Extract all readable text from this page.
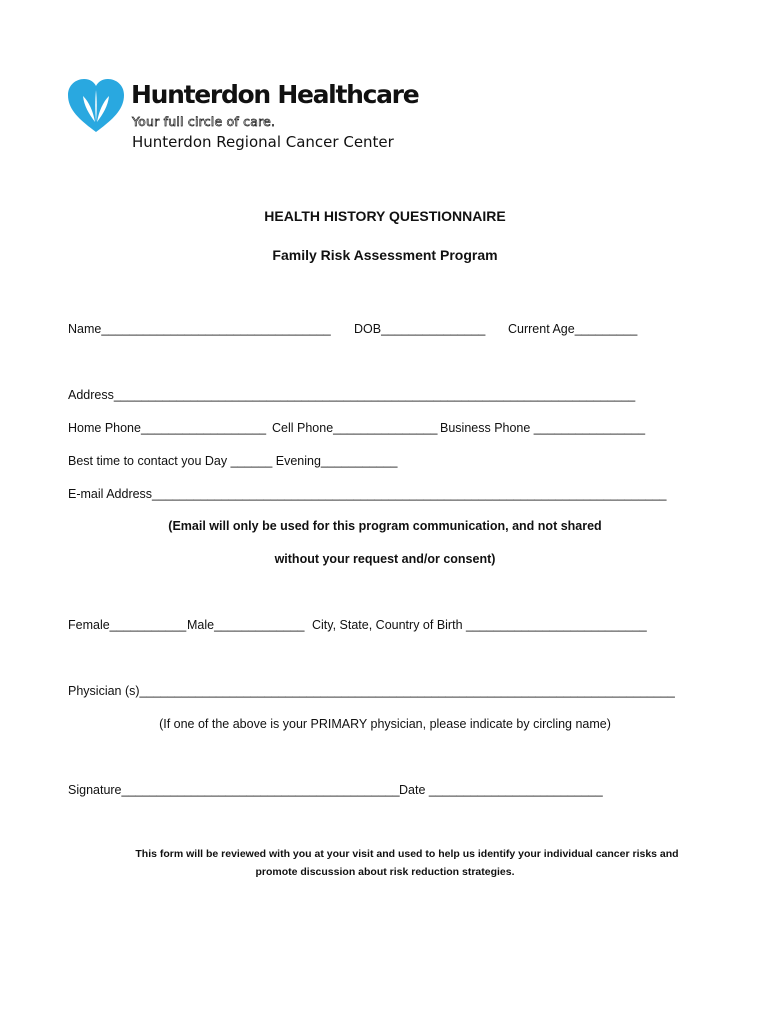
Hunterdon Healthcare
Your full circle of care.
Hunterdon Regional Cancer Center
HEALTH HISTORY QUESTIONNAIRE
Family Risk Assessment Program
Name_________________________________ DOB_______________ Current Age_________
Address___________________________________________________________________________
Home Phone__________________ Cell Phone_______________ Business Phone ________________
Best time to contact you Day ______ Evening___________
E-mail Address__________________________________________________________________________
(Email will only be used for this program communication, and not shared
without your request and/or consent)
Female___________ Male_____________ City, State, Country of Birth __________________________
Physician (s)_____________________________________________________________________________
(If one of the above is your PRIMARY physician, please indicate by circling name)
Signature________________________________________ Date _________________________
This form will be reviewed with you at your visit and used to help us identify your individual cancer risks and
promote discussion about risk reduction strategies.
